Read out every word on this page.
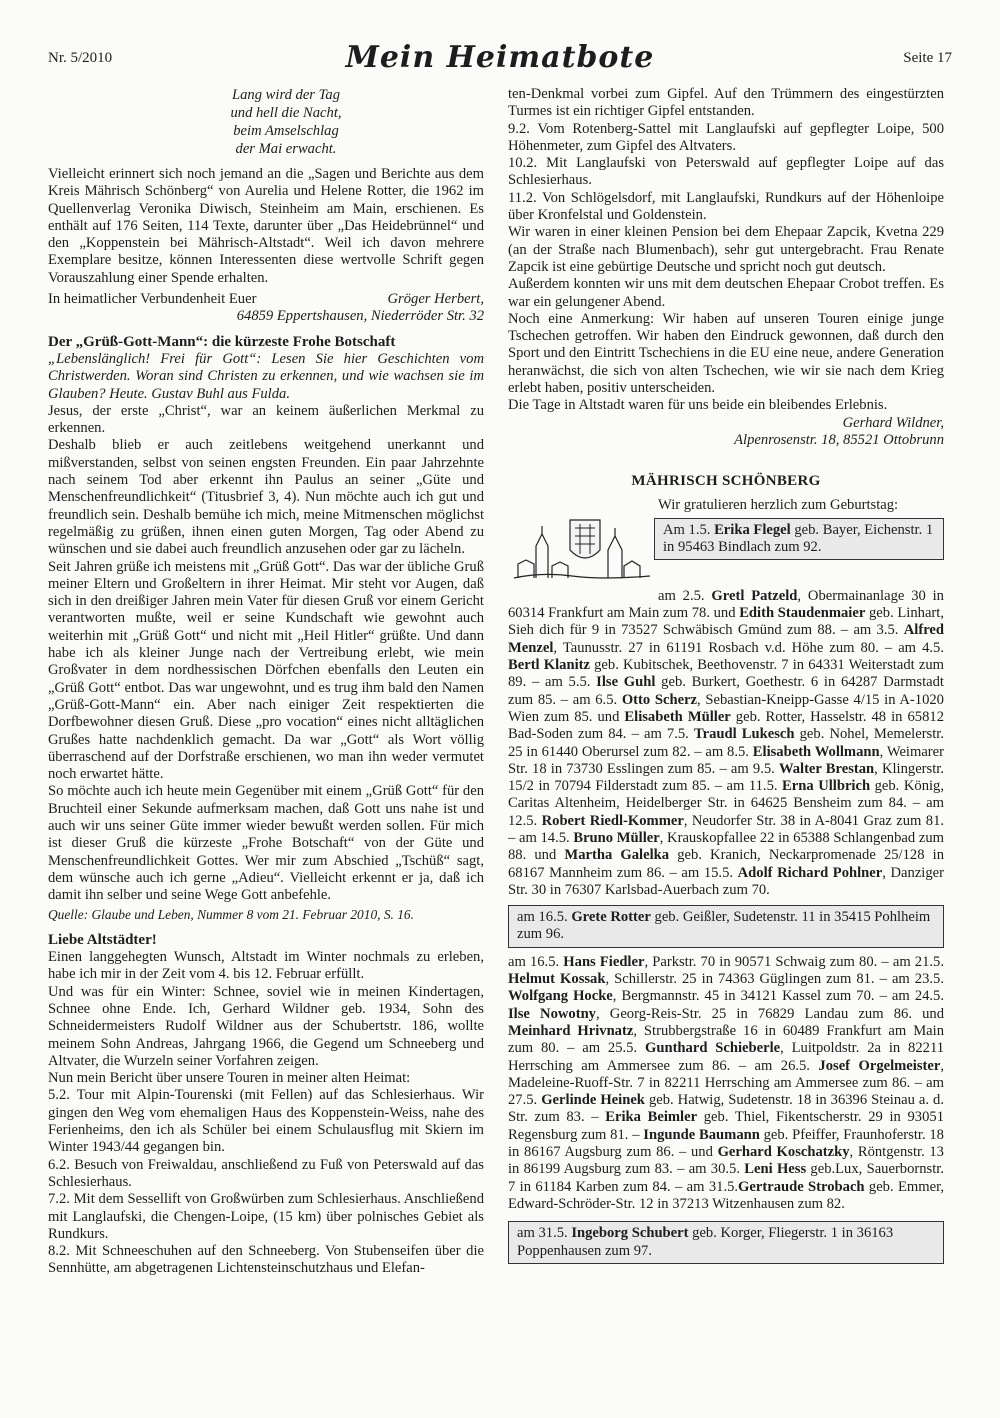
Nr. 5/2010	Mein Heimatbote	Seite 17
Lang wird der Tag
und hell die Nacht,
beim Amselschlag
der Mai erwacht.

Vielleicht erinnert sich noch jemand an die „Sagen und Berichte aus dem Kreis Mährisch Schönberg“ von Aurelia und Helene Rotter, die 1962 im Quellenverlag Veronika Diwisch, Steinheim am Main, erschienen. Es enthält auf 176 Seiten, 114 Texte, darunter über „Das Heidebrünnel“ und den „Koppenstein bei Mährisch-Altstadt“. Weil ich davon mehrere Exemplare besitze, können Interessenten diese wertvolle Schrift gegen Vorauszahlung einer Spende erhalten.

In heimatlicher Verbundenheit Euer	Gröger Herbert,
64859 Eppertshausen, Niederröder Str. 32
Der „Grüß-Gott-Mann“: die kürzeste Frohe Botschaft

„Lebenslänglich! Frei für Gott“: Lesen Sie hier Geschichten vom Christwerden. Woran sind Christen zu erkennen, und wie wachsen sie im Glauben? Heute. Gustav Buhl aus Fulda.

Jesus, der erste „Christ“, war an keinem äußerlichen Merkmal zu erkennen.

Deshalb blieb er auch zeitlebens weitgehend unerkannt und mißverstanden, selbst von seinen engsten Freunden. Ein paar Jahrzehnte nach seinem Tod aber erkennt ihn Paulus an seiner „Güte und Menschenfreundlichkeit“ (Titusbrief 3, 4). Nun möchte auch ich gut und freundlich sein. Deshalb bemühe ich mich, meine Mitmenschen möglichst regelmäßig zu grüßen, ihnen einen guten Morgen, Tag oder Abend zu wünschen und sie dabei auch freundlich anzusehen oder gar zu lächeln.

Seit Jahren grüße ich meistens mit „Grüß Gott“. Das war der übliche Gruß meiner Eltern und Großeltern in ihrer Heimat. Mir steht vor Augen, daß sich in den dreißiger Jahren mein Vater für diesen Gruß vor einem Gericht verantworten mußte, weil er seine Kundschaft wie gewohnt auch weiterhin mit „Grüß Gott“ und nicht mit „Heil Hitler“ grüßte. Und dann habe ich als kleiner Junge nach der Vertreibung erlebt, wie mein Großvater in dem nordhessischen Dörfchen ebenfalls den Leuten ein „Grüß Gott“ entbot. Das war ungewohnt, und es trug ihm bald den Namen „Grüß-Gott-Mann“ ein. Aber nach einiger Zeit respektierten die Dorfbewohner diesen Gruß. Diese „pro vocation“ eines nicht alltäglichen Grußes hatte nachdenklich gemacht. Da war „Gott“ als Wort völlig überraschend auf der Dorfstraße erschienen, wo man ihn weder vermutet noch erwartet hätte.

So möchte auch ich heute mein Gegenüber mit einem „Grüß Gott“ für den Bruchteil einer Sekunde aufmerksam machen, daß Gott uns nahe ist und auch wir uns seiner Güte immer wieder bewußt werden sollen. Für mich ist dieser Gruß die kürzeste „Frohe Botschaft“ von der Güte und Menschenfreundlichkeit Gottes. Wer mir zum Abschied „Tschüß“ sagt, dem wünsche auch ich gerne „Adieu“. Vielleicht erkennt er ja, daß ich damit ihn selber und seine Wege Gott anbefehle.

Quelle: Glaube und Leben, Nummer 8 vom 21. Februar 2010, S. 16.
Liebe Altstädter!

Einen langgehegten Wunsch, Altstadt im Winter nochmals zu erleben, habe ich mir in der Zeit vom 4. bis 12. Februar erfüllt.

Und was für ein Winter: Schnee, soviel wie in meinen Kindertagen, Schnee ohne Ende. Ich, Gerhard Wildner geb. 1934, Sohn des Schneidermeisters Rudolf Wildner aus der Schubertstr. 186, wollte meinem Sohn Andreas, Jahrgang 1966, die Gegend um Schneeberg und Altvater, die Wurzeln seiner Vorfahren zeigen.

Nun mein Bericht über unsere Touren in meiner alten Heimat:

5.2. Tour mit Alpin-Tourenski (mit Fellen) auf das Schlesierhaus. Wir gingen den Weg vom ehemaligen Haus des Koppenstein-Weiss, nahe des Ferienheims, den ich als Schüler bei einem Schulausflug mit Skiern im Winter 1943/44 gegangen bin.

6.2. Besuch von Freiwaldau, anschließend zu Fuß von Peterswald auf das Schlesierhaus.

7.2. Mit dem Sessellift von Großwürben zum Schlesierhaus. Anschließend mit Langlaufski, die Chengen-Loipe, (15 km) über polnisches Gebiet als Rundkurs.

8.2. Mit Schneeschuhen auf den Schneeberg. Von Stubenseifen über die Sennhütte, am abgetragenen Lichtensteinschutzhaus und Elefan-

ten-Denkmal vorbei zum Gipfel. Auf den Trümmern des eingestürzten Turmes ist ein richtiger Gipfel entstanden.

9.2. Vom Rotenberg-Sattel mit Langlaufski auf gepflegter Loipe, 500 Höhenmeter, zum Gipfel des Altvaters.

10.2. Mit Langlaufski von Peterswald auf gepflegter Loipe auf das Schlesierhaus.

11.2. Von Schlögelsdorf, mit Langlaufski, Rundkurs auf der Höhenloipe über Kronfelstal und Goldenstein.

Wir waren in einer kleinen Pension bei dem Ehepaar Zapcik, Kvetna 229 (an der Straße nach Blumenbach), sehr gut untergebracht. Frau Renate Zapcik ist eine gebürtige Deutsche und spricht noch gut deutsch.

Außerdem konnten wir uns mit dem deutschen Ehepaar Crobot treffen. Es war ein gelungener Abend.

Noch eine Anmerkung: Wir haben auf unseren Touren einige junge Tschechen getroffen. Wir haben den Eindruck gewonnen, daß durch den Sport und den Eintritt Tschechiens in die EU eine neue, andere Generation heranwächst, die sich von alten Tschechen, wie wir sie nach dem Krieg erlebt haben, positiv unterscheiden.

Die Tage in Altstadt waren für uns beide ein bleibendes Erlebnis.

Gerhard Wildner,
Alpenrosenstr. 18, 85521 Ottobrunn
MÄHRISCH SCHÖNBERG
Wir gratulieren herzlich zum Geburtstag:
Am 1.5. Erika Flegel geb. Bayer, Eichenstr. 1 in 95463 Bindlach zum 92.

am 2.5. Gretl Patzeld, Obermainanlage 30 in 60314 Frankfurt am Main zum 78. und Edith Staudenmaier geb. Linhart, Sieh dich für 9 in 73527 Schwäbisch Gmünd zum 88. – am 3.5. Alfred Menzel, Taunusstr. 27 in 61191 Rosbach v.d. Höhe zum 80. – am 4.5. Bertl Klanitz geb. Kubitschek, Beethovenstr. 7 in 64331 Weiterstadt zum 89. – am 5.5. Ilse Guhl geb. Burkert, Goethestr. 6 in 64287 Darmstadt zum 85. – am 6.5. Otto Scherz, Sebastian-Kneipp-Gasse 4/15 in A-1020 Wien zum 85. und Elisabeth Müller geb. Rotter, Hasselstr. 48 in 65812 Bad-Soden zum 84. – am 7.5. Traudl Lukesch geb. Nohel, Memelerstr. 25 in 61440 Oberursel zum 82. – am 8.5. Elisabeth Wollmann, Weimarer Str. 18 in 73730 Esslingen zum 85. – am 9.5. Walter Brestan, Klingerstr. 15/2 in 70794 Filderstadt zum 85. – am 11.5. Erna Ullbrich geb. König, Caritas Altenheim, Heidelberger Str. in 64625 Bensheim zum 84. – am 12.5. Robert Riedl-Kommer, Neudorfer Str. 38 in A-8041 Graz zum 81. – am 14.5. Bruno Müller, Krauskopfallee 22 in 65388 Schlangenbad zum 88. und Martha Galelka geb. Kranich, Neckarpromenade 25/128 in 68167 Mannheim zum 86. – am 15.5. Adolf Richard Pohlner, Danziger Str. 30 in 76307 Karlsbad-Auerbach zum 70.

am 16.5. Grete Rotter geb. Geißler, Sudetenstr. 11 in 35415 Pohlheim zum 96.

am 16.5. Hans Fiedler, Parkstr. 70 in 90571 Schwaig zum 80. – am 21.5. Helmut Kossak, Schillerstr. 25 in 74363 Güglingen zum 81. – am 23.5. Wolfgang Hocke, Bergmannstr. 45 in 34121 Kassel zum 70. – am 24.5. Ilse Nowotny, Georg-Reis-Str. 25 in 76829 Landau zum 86. und Meinhard Hrivnatz, Strubbergstraße 16 in 60489 Frankfurt am Main zum 80. – am 25.5. Gunthard Schieberle, Luitpoldstr. 2a in 82211 Herrsching am Ammersee zum 86. – am 26.5. Josef Orgelmeister, Madeleine-Ruoff-Str. 7 in 82211 Herrsching am Ammersee zum 86. – am 27.5. Gerlinde Heinek geb. Hatwig, Sudetenstr. 18 in 36396 Steinau a. d. Str. zum 83. – Erika Beimler geb. Thiel, Fikentscherstr. 29 in 93051 Regensburg zum 81. – Ingunde Baumann geb. Pfeiffer, Fraunhoferstr. 18 in 86167 Augsburg zum 86. – und Gerhard Koschatzky, Röntgenstr. 13 in 86199 Augsburg zum 83. – am 30.5. Leni Hess geb.Lux, Sauerbornstr. 7 in 61184 Karben zum 84. – am 31.5.Gertraude Strobach geb. Emmer, Edward-Schröder-Str. 12 in 37213 Witzenhausen zum 82.

am 31.5. Ingeborg Schubert geb. Korger, Fliegerstr. 1 in 36163 Poppenhausen zum 97.
